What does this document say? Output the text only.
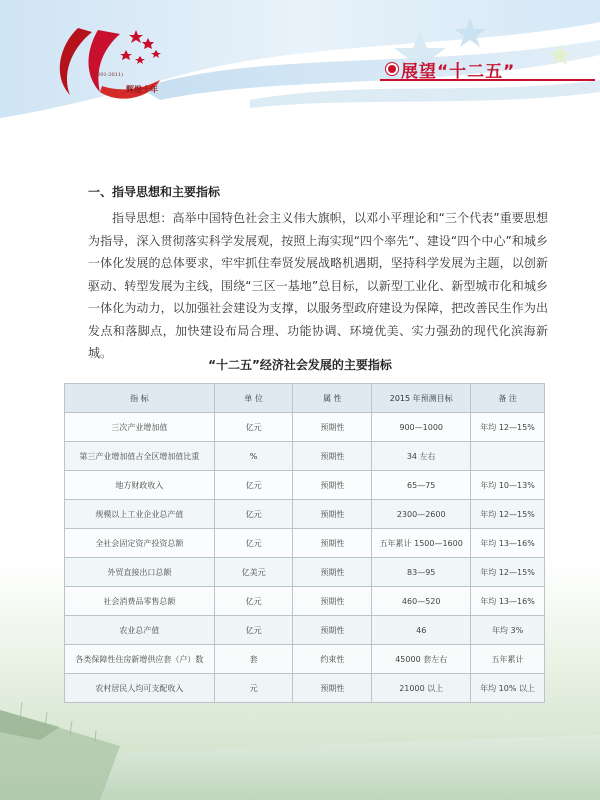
(2001-2011)
辉煌十年
展望“十二五”
一、指导思想和主要指标

指导思想：高举中国特色社会主义伟大旗帜，以邓小平理论和“三个代表”重要思想为指导，深入贯彻落实科学发展观，按照上海实现“四个率先”、建设“四个中心”和城乡一体化发展的总体要求，牢牢抓住奉贤发展战略机遇期，坚持科学发展为主题，以创新驱动、转型发展为主线，围绕“三区一基地”总目标，以新型工业化、新型城市化和城乡一体化为动力，以加强社会建设为支撑，以服务型政府建设为保障，把改善民生作为出发点和落脚点，加快建设布局合理、功能协调、环境优美、实力强劲的现代化滨海新城。

“十二五”经济社会发展的主要指标
指 标	单 位	属 性	2015 年预测目标	备 注
三次产业增加值	亿元	预期性	900—1000	年均 12—15%
第三产业增加值占全区增加值比重	%	预期性	34 左右	
地方财政收入	亿元	预期性	65—75	年均 10—13%
规模以上工业企业总产值	亿元	预期性	2300—2600	年均 12—15%
全社会固定资产投资总额	亿元	预期性	五年累计 1500—1600	年均 13—16%
外贸直接出口总额	亿美元	预期性	83—95	年均 12—15%
社会消费品零售总额	亿元	预期性	460—520	年均 13—16%
农业总产值	亿元	预期性	46	年均 3%
各类保障性住房新增供应套（户）数	套	约束性	45000 套左右	五年累计
农村居民人均可支配收入	元	预期性	21000 以上	年均 10% 以上
